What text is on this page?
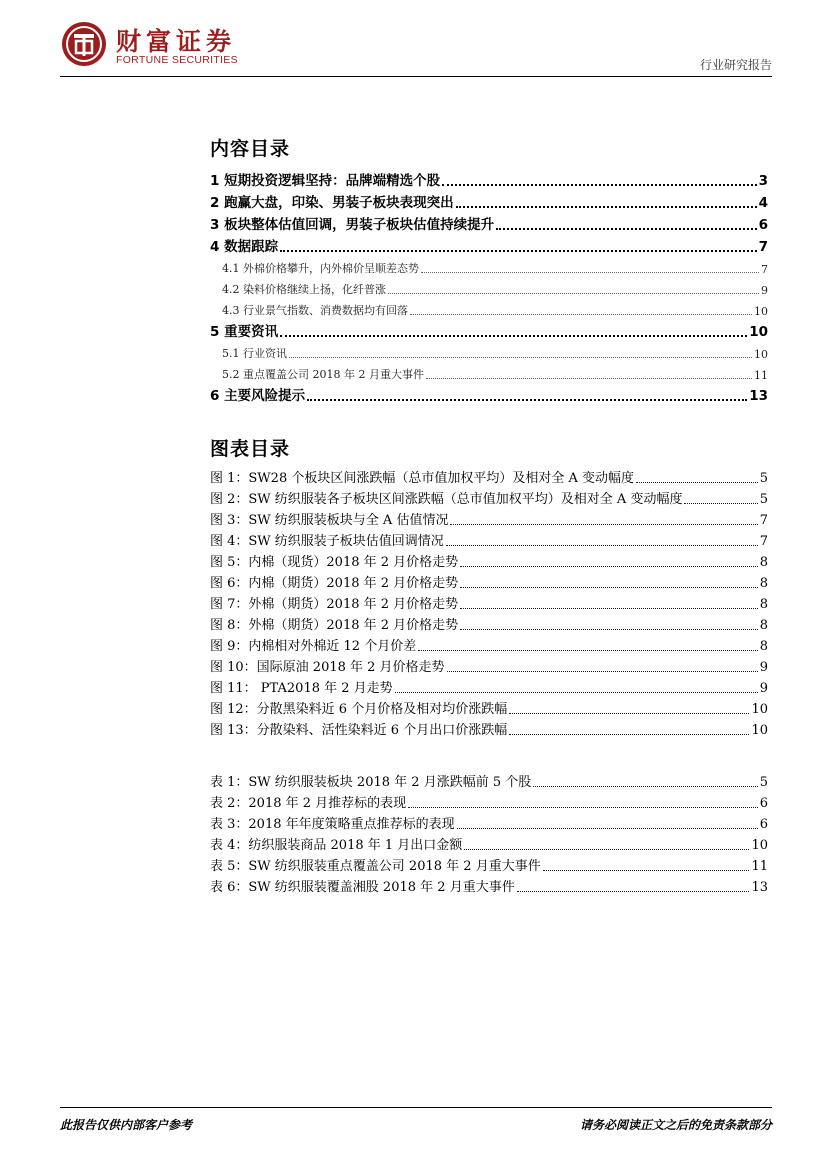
财富证券
FORTUNE SECURITIES	行业研究报告
内容目录
1 短期投资逻辑坚持：品牌端精选个股	3
2 跑赢大盘，印染、男装子板块表现突出	4
3 板块整体估值回调，男装子板块估值持续提升	6
4 数据跟踪	7
4.1 外棉价格攀升，内外棉价呈顺差态势	7
4.2 染料价格继续上扬，化纤普涨	9
4.3 行业景气指数、消费数据均有回落	10
5 重要资讯	10
5.1 行业资讯	10
5.2 重点覆盖公司 2018 年 2 月重大事件	11
6 主要风险提示	13
图表目录
图 1：SW28 个板块区间涨跌幅（总市值加权平均）及相对全 A 变动幅度	5
图 2：SW 纺织服装各子板块区间涨跌幅（总市值加权平均）及相对全 A 变动幅度	5
图 3：SW 纺织服装板块与全 A 估值情况	7
图 4：SW 纺织服装子板块估值回调情况	7
图 5：内棉（现货）2018 年 2 月价格走势	8
图 6：内棉（期货）2018 年 2 月价格走势	8
图 7：外棉（期货）2018 年 2 月价格走势	8
图 8：外棉（期货）2018 年 2 月价格走势	8
图 9：内棉相对外棉近 12 个月价差	8
图 10：国际原油 2018 年 2 月价格走势	9
图 11： PTA2018 年 2 月走势	9
图 12：分散黑染料近 6 个月价格及相对均价涨跌幅	10
图 13：分散染料、活性染料近 6 个月出口价涨跌幅	10
表 1：SW 纺织服装板块 2018 年 2 月涨跌幅前 5 个股	5
表 2：2018 年 2 月推荐标的表现	6
表 3：2018 年年度策略重点推荐标的表现	6
表 4：纺织服装商品 2018 年 1 月出口金额	10
表 5：SW 纺织服装重点覆盖公司 2018 年 2 月重大事件	11
表 6：SW 纺织服装覆盖湘股 2018 年 2 月重大事件	13
此报告仅供内部客户参考	请务必阅读正文之后的免责条款部分
